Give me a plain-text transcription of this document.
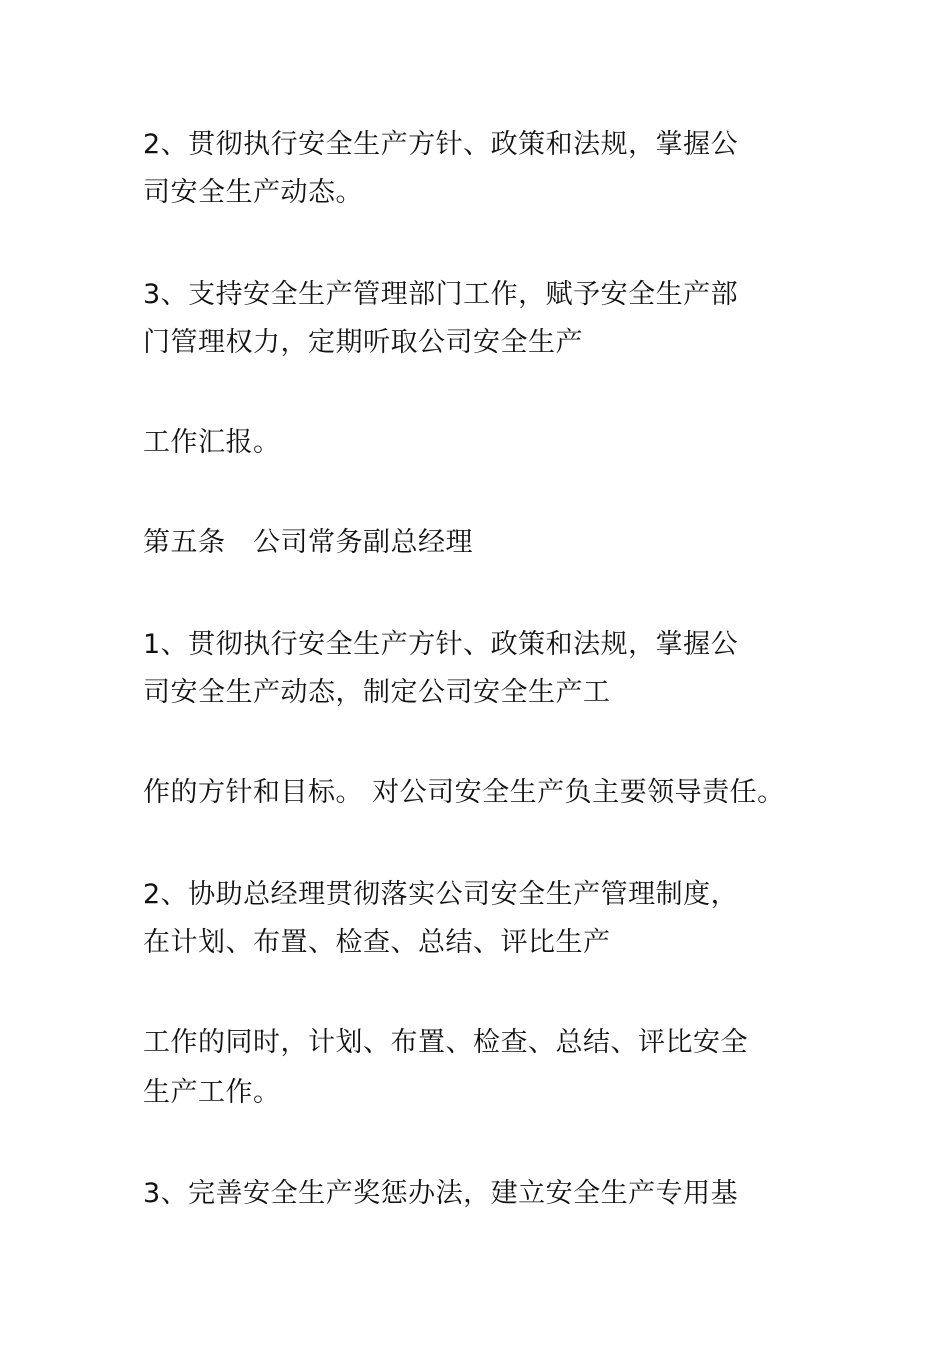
2、贯彻执行安全生产方针、政策和法规，掌握公
司安全生产动态。
3、支持安全生产管理部门工作，赋予安全生产部
门管理权力，定期听取公司安全生产
工作汇报。
第五条　公司常务副总经理
1、贯彻执行安全生产方针、政策和法规，掌握公
司安全生产动态，制定公司安全生产工
作的方针和目标。 对公司安全生产负主要领导责任。
2、协助总经理贯彻落实公司安全生产管理制度，
在计划、布置、检查、总结、评比生产
工作的同时，计划、布置、检查、总结、评比安全
生产工作。
3、完善安全生产奖惩办法，建立安全生产专用基
